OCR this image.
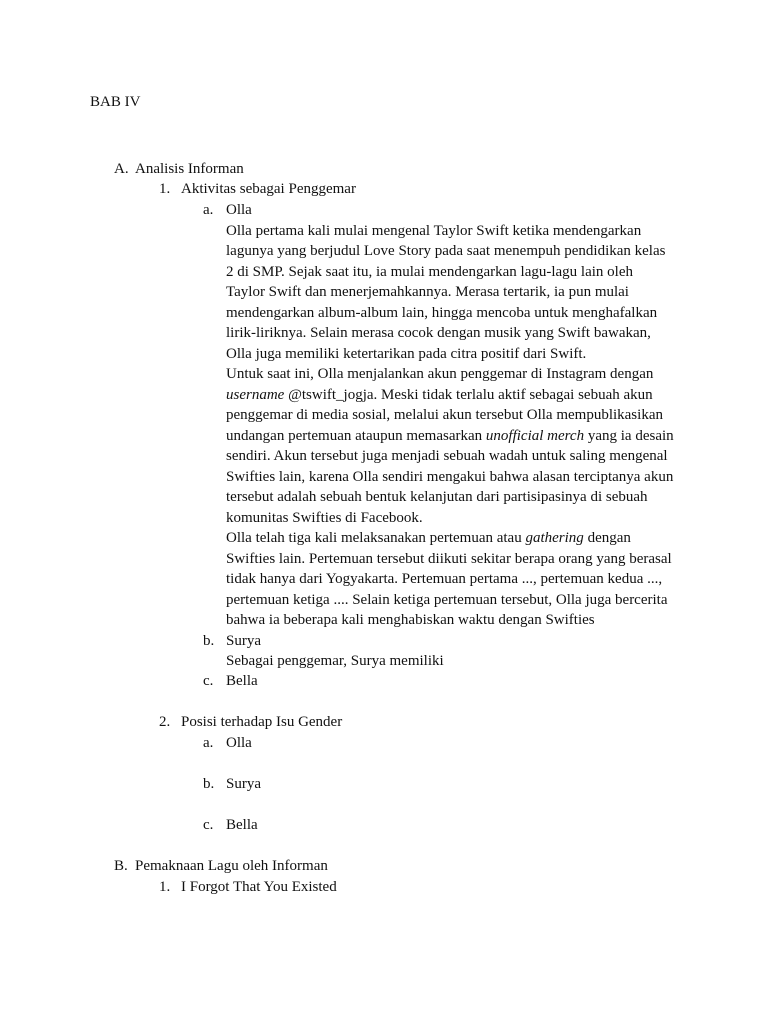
BAB IV
A. Analisis Informan
1. Aktivitas sebagai Penggemar
a. Olla
Olla pertama kali mulai mengenal Taylor Swift ketika mendengarkan
lagunya yang berjudul Love Story pada saat menempuh pendidikan kelas
2 di SMP. Sejak saat itu, ia mulai mendengarkan lagu-lagu lain oleh
Taylor Swift dan menerjemahkannya. Merasa tertarik, ia pun mulai
mendengarkan album-album lain, hingga mencoba untuk menghafalkan
lirik-liriknya. Selain merasa cocok dengan musik yang Swift bawakan,
Olla juga memiliki ketertarikan pada citra positif dari Swift.
Untuk saat ini, Olla menjalankan akun penggemar di Instagram dengan
username @tswift_jogja. Meski tidak terlalu aktif sebagai sebuah akun
penggemar di media sosial, melalui akun tersebut Olla mempublikasikan
undangan pertemuan ataupun memasarkan unofficial merch yang ia desain
sendiri. Akun tersebut juga menjadi sebuah wadah untuk saling mengenal
Swifties lain, karena Olla sendiri mengakui bahwa alasan terciptanya akun
tersebut adalah sebuah bentuk kelanjutan dari partisipasinya di sebuah
komunitas Swifties di Facebook.
Olla telah tiga kali melaksanakan pertemuan atau gathering dengan
Swifties lain. Pertemuan tersebut diikuti sekitar berapa orang yang berasal
tidak hanya dari Yogyakarta. Pertemuan pertama ..., pertemuan kedua ...,
pertemuan ketiga .... Selain ketiga pertemuan tersebut, Olla juga bercerita
bahwa ia beberapa kali menghabiskan waktu dengan Swifties
b. Surya
Sebagai penggemar, Surya memiliki
c. Bella
2. Posisi terhadap Isu Gender
a. Olla
b. Surya
c. Bella
B. Pemaknaan Lagu oleh Informan
1. I Forgot That You Existed
